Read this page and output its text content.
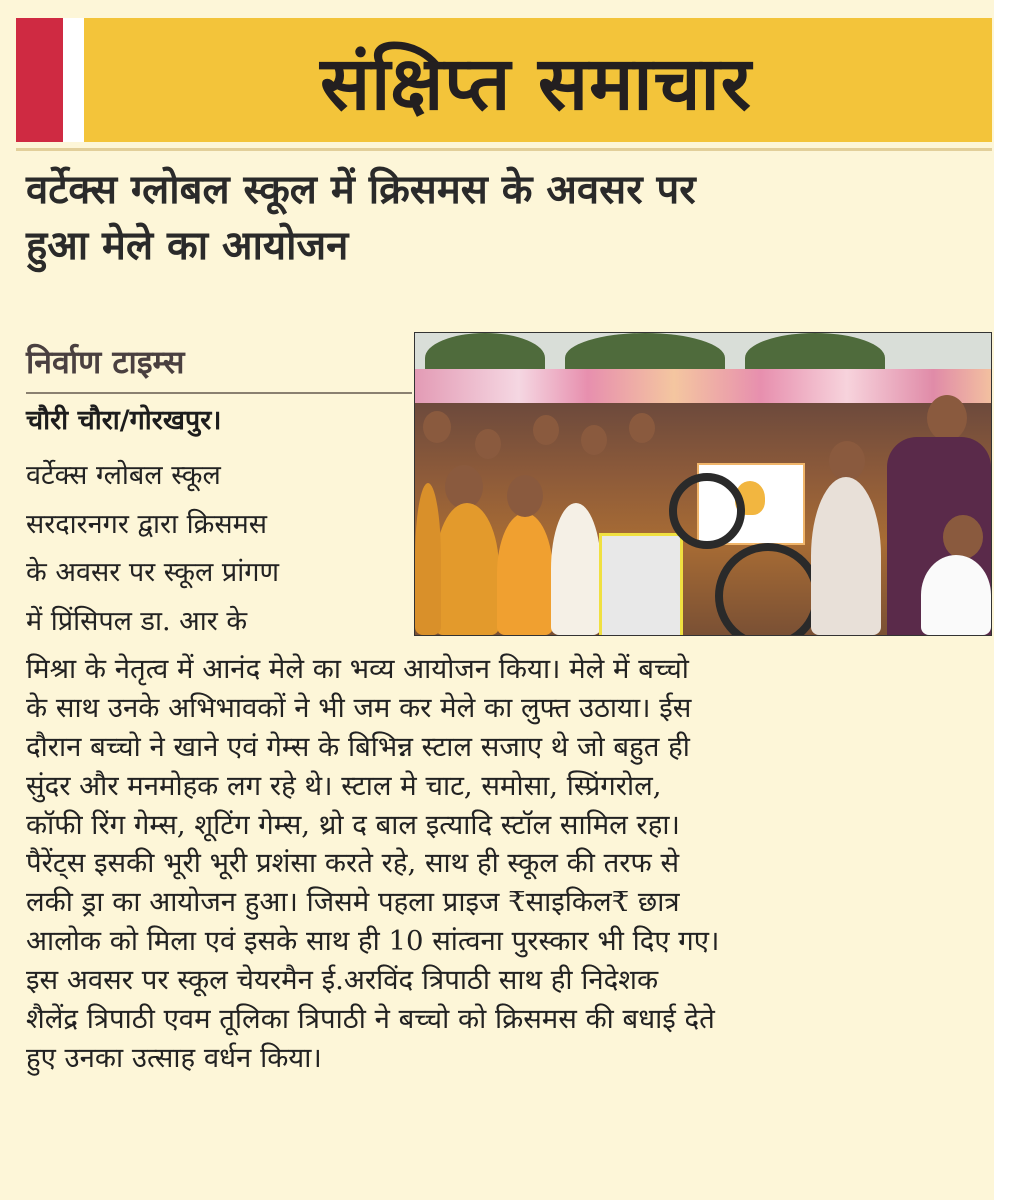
संक्षिप्त समाचार
वर्टेक्स ग्लोबल स्कूल में क्रिसमस के अवसर पर
हुआ मेले का आयोजन
निर्वाण टाइम्स
चौरी चौरा/गोरखपुर।
वर्टेक्स ग्लोबल स्कूल
सरदारनगर द्वारा क्रिसमस
के अवसर पर स्कूल प्रांगण
में प्रिंसिपल डा. आर के
मिश्रा के नेतृत्व में आनंद मेले का भव्य आयोजन किया। मेले में बच्चो
के साथ उनके अभिभावकों ने भी जम कर मेले का लुफ्त उठाया। ईस
दौरान बच्चो ने खाने एवं गेम्स के बिभिन्न स्टाल सजाए थे जो बहुत ही
सुंदर और मनमोहक लग रहे थे। स्टाल मे चाट, समोसा, स्प्रिंगरोल,
कॉफी रिंग गेम्स, शूटिंग गेम्स, थ्रो द बाल इत्यादि स्टॉल सामिल रहा।
पैरेंट्स इसकी भूरी भूरी प्रशंसा करते रहे, साथ ही स्कूल की तरफ से
लकी ड्रा का आयोजन हुआ। जिसमे पहला प्राइज ₹साइकिल₹ छात्र
आलोक को मिला एवं इसके साथ ही 10 सांत्वना पुरस्कार भी दिए गए।
इस अवसर पर स्कूल चेयरमैन ई.अरविंद त्रिपाठी साथ ही निदेशक
शैलेंद्र त्रिपाठी एवम तूलिका त्रिपाठी ने बच्चो को क्रिसमस की बधाई देते
हुए उनका उत्साह वर्धन किया।
